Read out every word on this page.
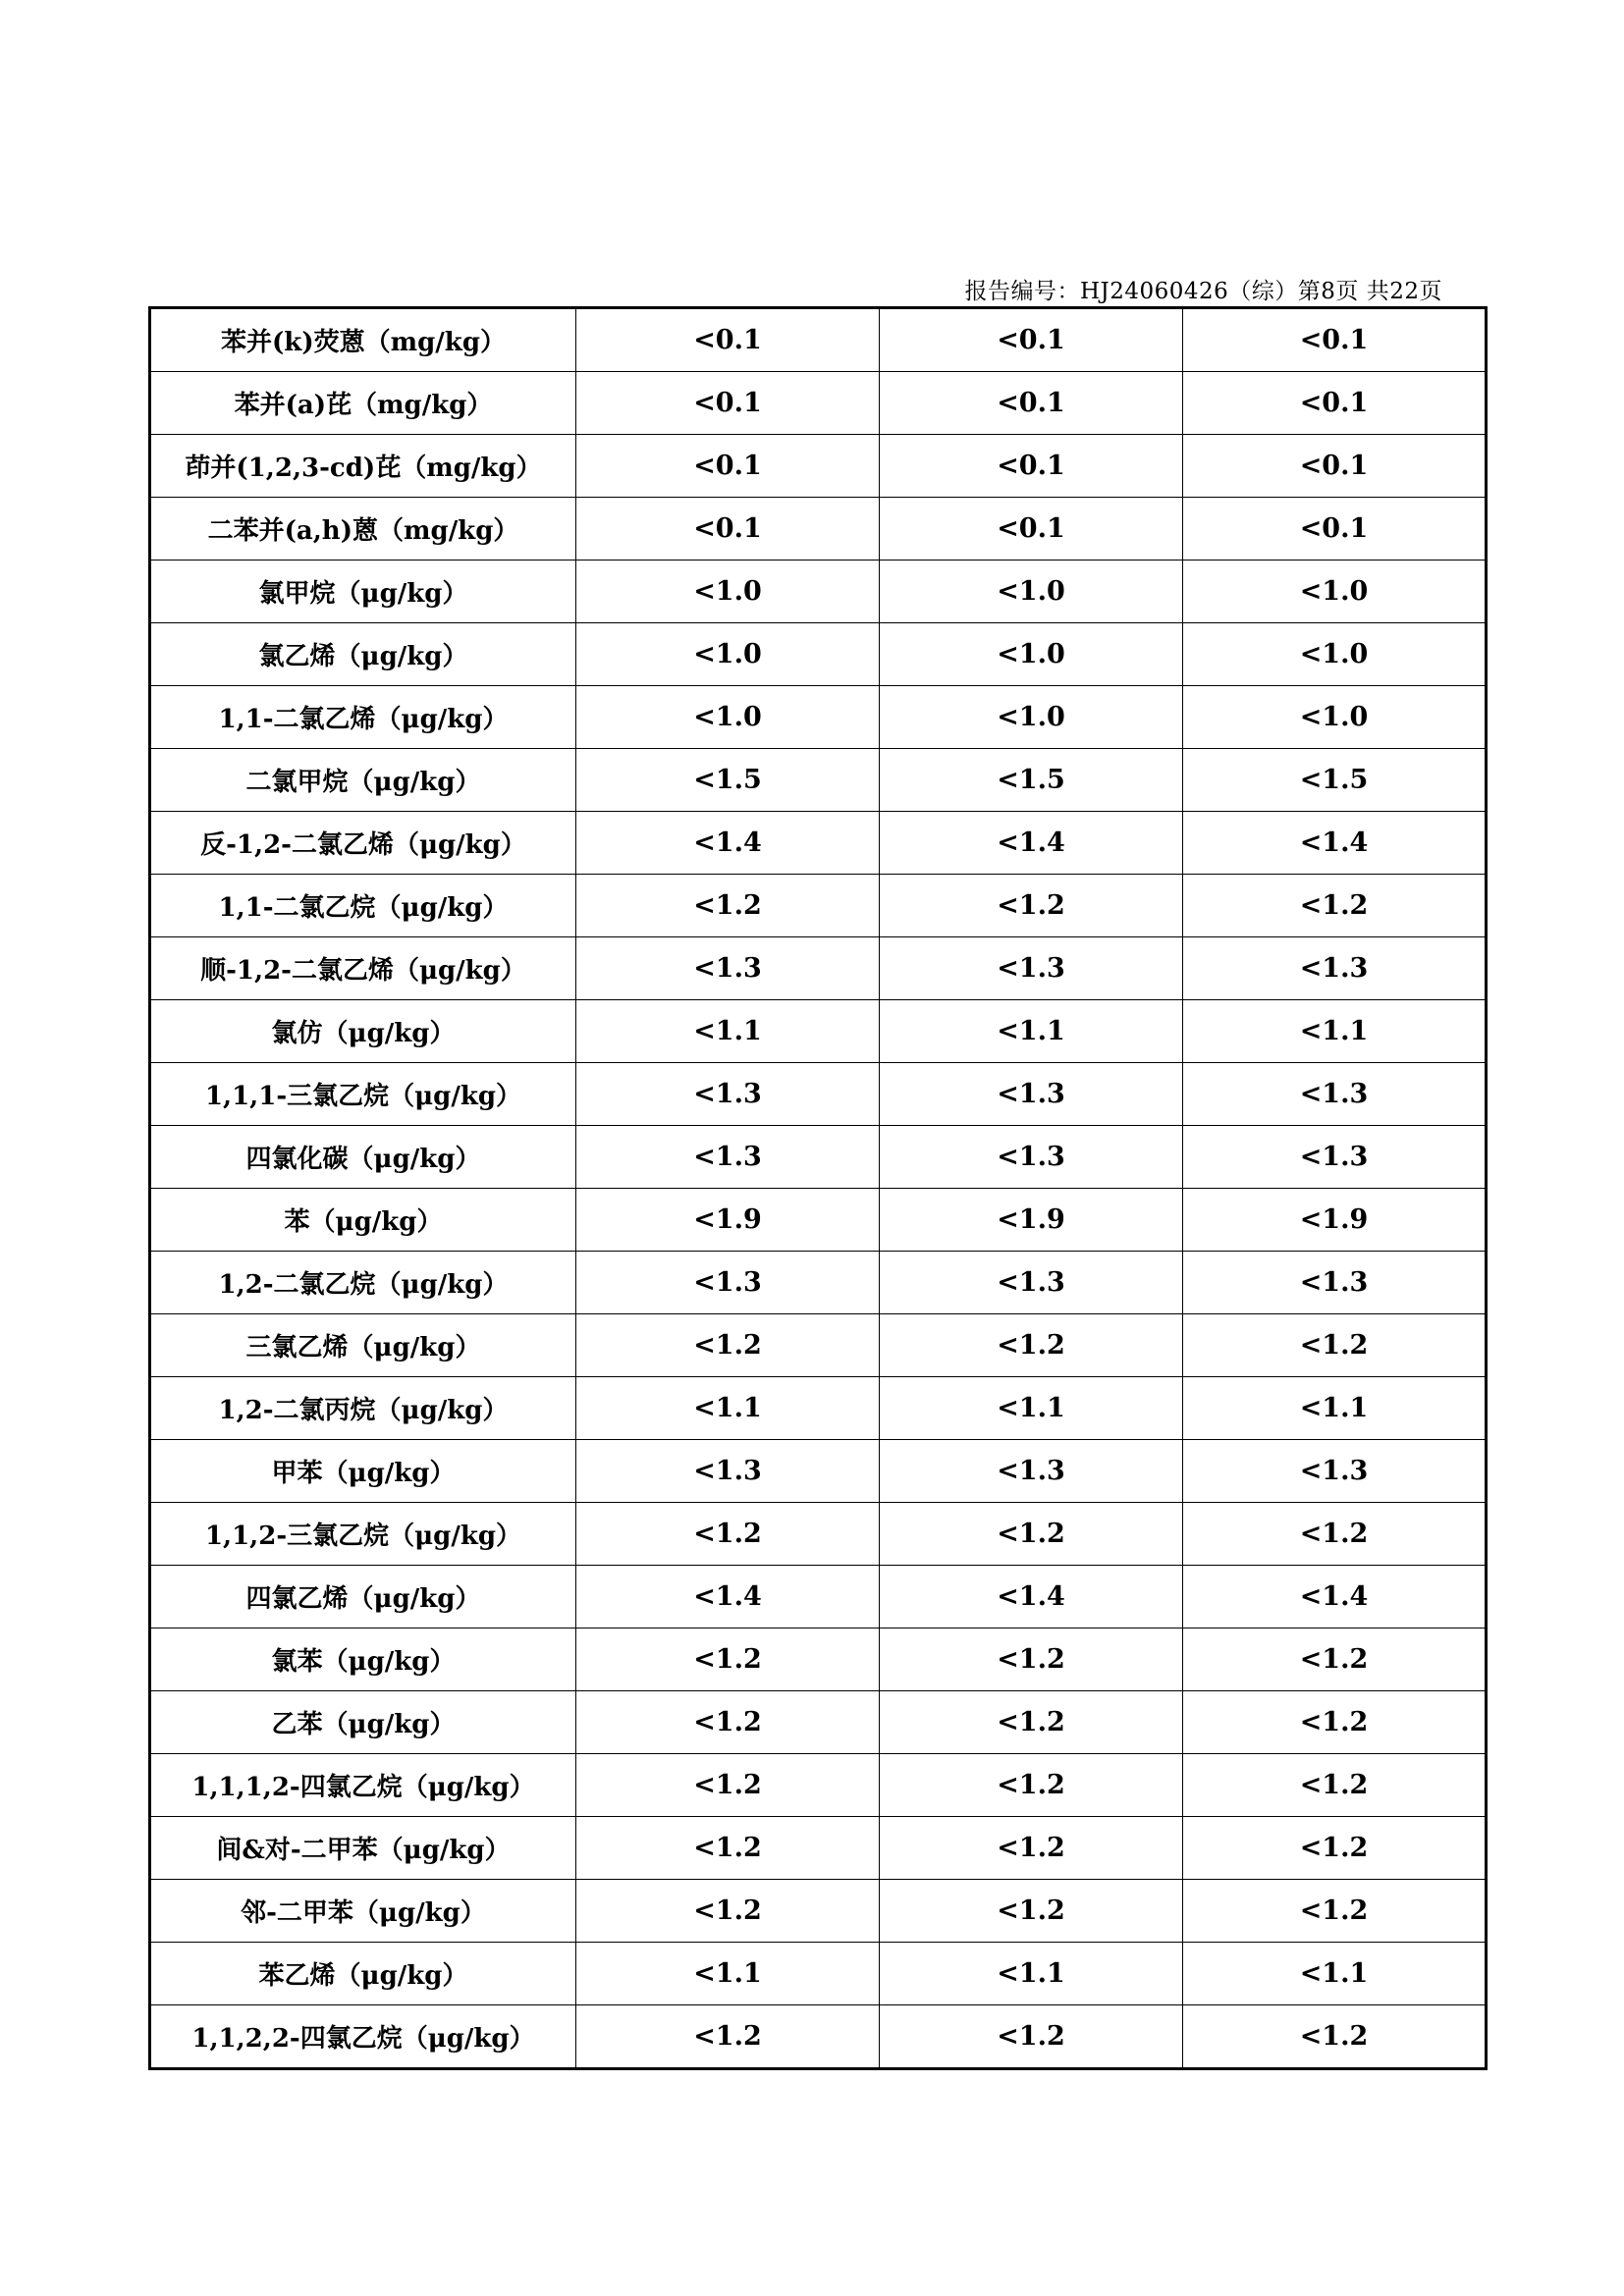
报告编号：HJ24060426（综）第8页 共22页
苯并(k)荧蒽（mg/kg）	<0.1	<0.1	<0.1
苯并(a)芘（mg/kg）	<0.1	<0.1	<0.1
茚并(1,2,3-cd)芘（mg/kg）	<0.1	<0.1	<0.1
二苯并(a,h)蒽（mg/kg）	<0.1	<0.1	<0.1
氯甲烷（μg/kg）	<1.0	<1.0	<1.0
氯乙烯（μg/kg）	<1.0	<1.0	<1.0
1,1-二氯乙烯（μg/kg）	<1.0	<1.0	<1.0
二氯甲烷（μg/kg）	<1.5	<1.5	<1.5
反-1,2-二氯乙烯（μg/kg）	<1.4	<1.4	<1.4
1,1-二氯乙烷（μg/kg）	<1.2	<1.2	<1.2
顺-1,2-二氯乙烯（μg/kg）	<1.3	<1.3	<1.3
氯仿（μg/kg）	<1.1	<1.1	<1.1
1,1,1-三氯乙烷（μg/kg）	<1.3	<1.3	<1.3
四氯化碳（μg/kg）	<1.3	<1.3	<1.3
苯（μg/kg）	<1.9	<1.9	<1.9
1,2-二氯乙烷（μg/kg）	<1.3	<1.3	<1.3
三氯乙烯（μg/kg）	<1.2	<1.2	<1.2
1,2-二氯丙烷（μg/kg）	<1.1	<1.1	<1.1
甲苯（μg/kg）	<1.3	<1.3	<1.3
1,1,2-三氯乙烷（μg/kg）	<1.2	<1.2	<1.2
四氯乙烯（μg/kg）	<1.4	<1.4	<1.4
氯苯（μg/kg）	<1.2	<1.2	<1.2
乙苯（μg/kg）	<1.2	<1.2	<1.2
1,1,1,2-四氯乙烷（μg/kg）	<1.2	<1.2	<1.2
间&对-二甲苯（μg/kg）	<1.2	<1.2	<1.2
邻-二甲苯（μg/kg）	<1.2	<1.2	<1.2
苯乙烯（μg/kg）	<1.1	<1.1	<1.1
1,1,2,2-四氯乙烷（μg/kg）	<1.2	<1.2	<1.2
